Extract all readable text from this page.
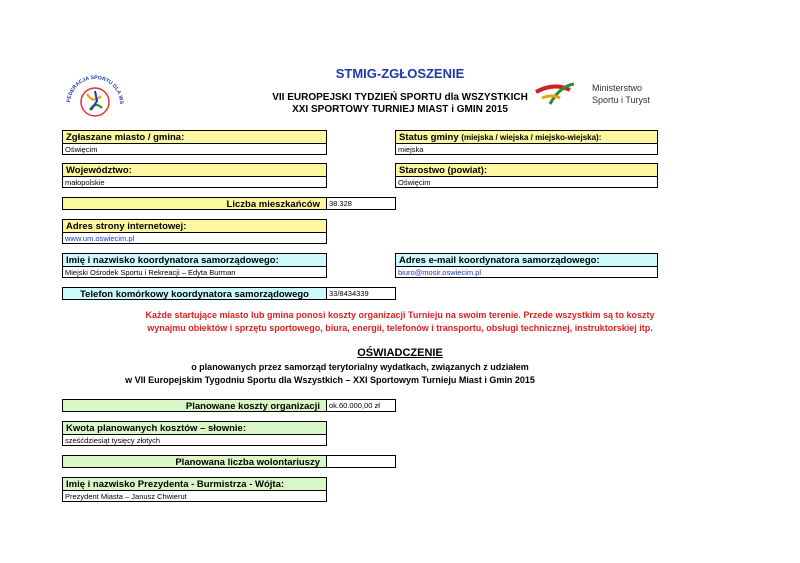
FEDERACJA SPORTU DLA WS
Ministerstwo
Sportu i Turyst
STMIG-ZGŁOSZENIE
VII EUROPEJSKI TYDZIEŃ SPORTU dla WSZYSTKICH
XXI SPORTOWY TURNIEJ MIAST i GMIN 2015
Zgłaszane miasto / gmina:
Oświęcim
Status gminy (miejska / wiejska / miejsko-wiejska):
miejska
Województwo:
małopolskie
Starostwo (powiat):
Oświęcim
Liczba mieszkańców	38.328
Adres strony internetowej:
www.um.oswiecim.pl
Imię i nazwisko koordynatora samorządowego:
Miejski Ośrodek Sportu i Rekreacji – Edyta Burman
Adres e-mail koordynatora samorządowego:
biuro@mosir.oswiecim.pl
Telefon komórkowy koordynatora samorządowego	33/8434339
Każde startujące miasto lub gmina ponosi koszty organizacji Turnieju na swoim terenie. Przede wszystkim są to koszty
wynajmu obiektów i sprzętu sportowego, biura, energii, telefonów i transportu, obsługi technicznej, instruktorskiej itp.
OŚWIADCZENIE
o planowanych przez samorząd terytorialny wydatkach, związanych z udziałem
w VII Europejskim Tygodniu Sportu dla Wszystkich – XXI Sportowym Turnieju Miast i Gmin 2015
Planowane koszty organizacji	ok.60.000,00 zł
Kwota planowanych kosztów – słownie:
sześćdziesiąt tysięcy złotych
Planowana liczba wolontariuszy
Imię i nazwisko Prezydenta - Burmistrza - Wójta:
Prezydent Miasta – Janusz Chwierut
